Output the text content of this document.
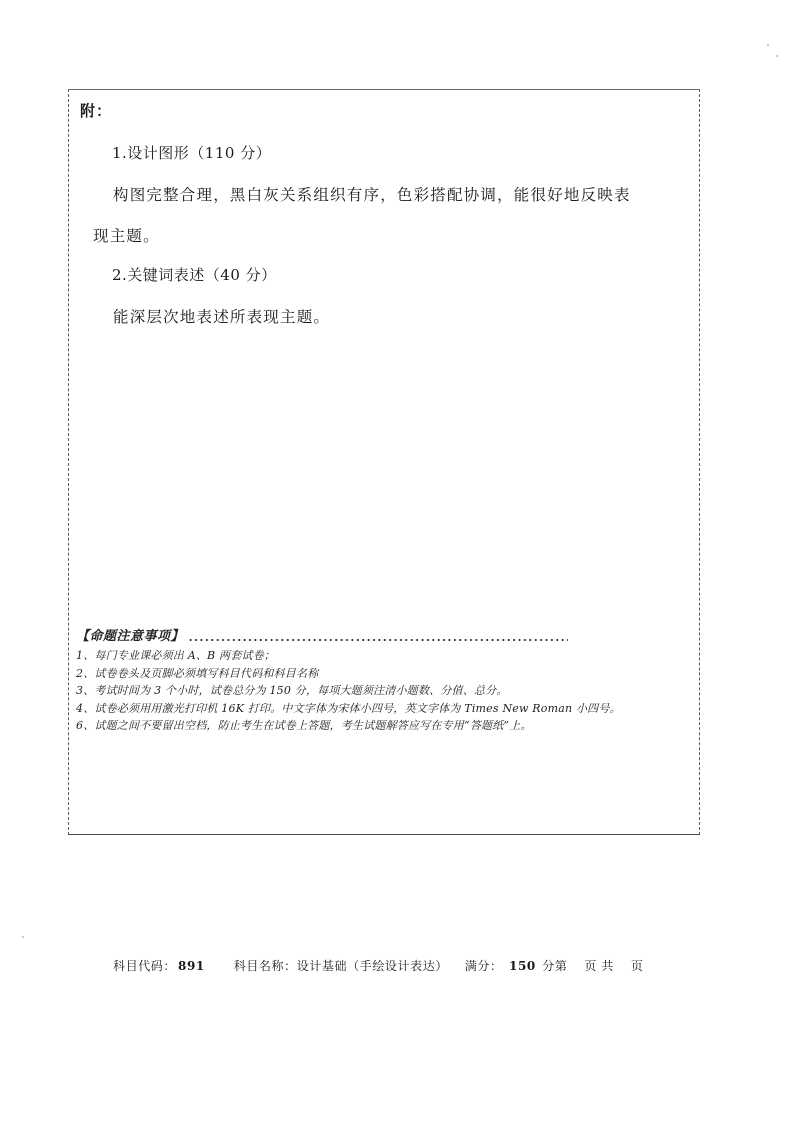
附：
1.设计图形（110 分）
构图完整合理，黑白灰关系组织有序，色彩搭配协调，能很好地反映表
现主题。
2.关键词表述（40 分）
能深层次地表述所表现主题。
【命题注意事项】
1、每门专业课必须出 A、B 两套试卷；
2、试卷卷头及页脚必须填写科目代码和科目名称
3、考试时间为 3 个小时，试卷总分为 150 分，每项大题须注清小题数、分值、总分。
4、试卷必须用用激光打印机 16K 打印。中文字体为宋体小四号，英文字体为 Times New Roman 小四号。
6、试题之间不要留出空档，防止考生在试卷上答题，考生试题解答应写在专用“答题纸”上。
科目代码： 891 科目名称：设计基础（手绘设计表达） 满分： 150 分第 页 共 页
